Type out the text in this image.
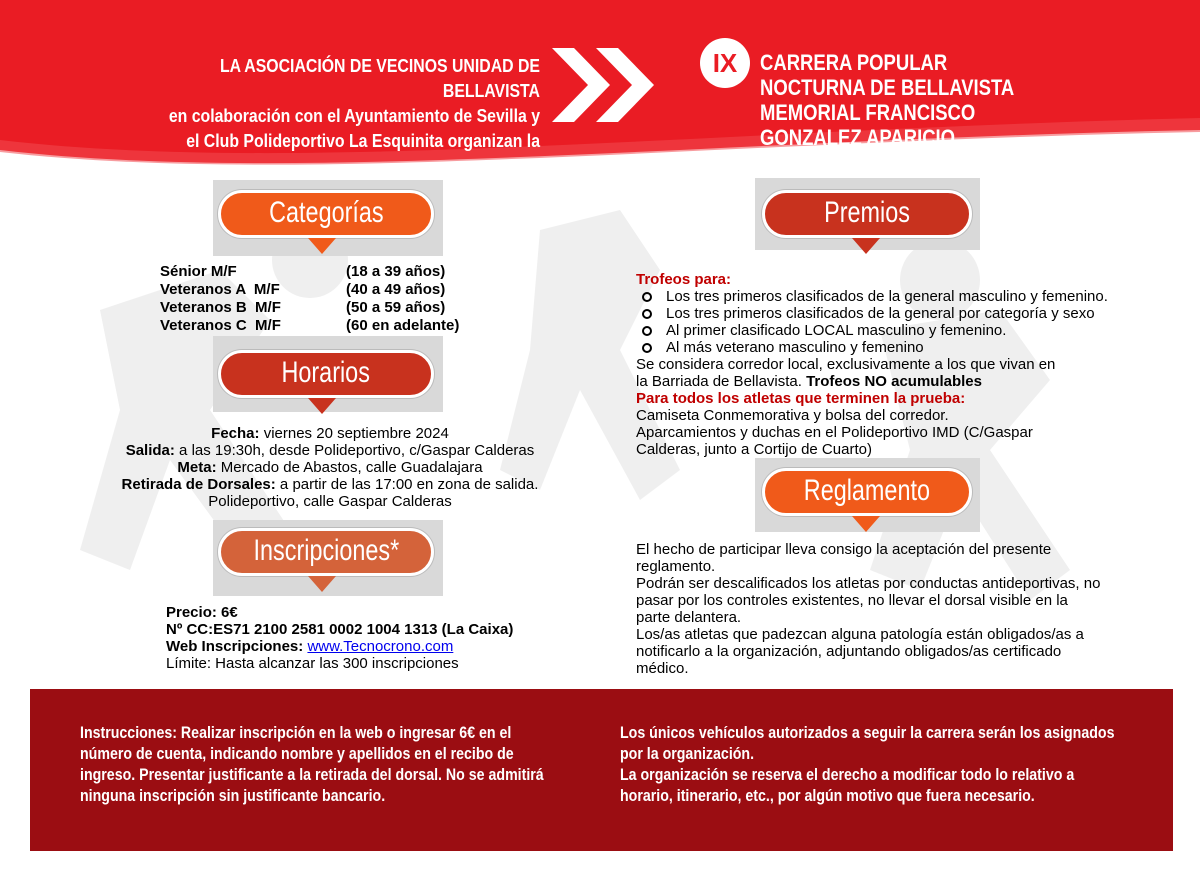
LA ASOCIACIÓN DE VECINOS UNIDAD DE BELLAVISTA
en colaboración con el Ayuntamiento de Sevilla y
el Club Polideportivo La Esquinita organizan la
IX	CARRERA POPULAR
NOCTURNA DE BELLAVISTA
MEMORIAL FRANCISCO
GONZALEZ APARICIO ‘PAQUILLO’
Categorías
Sénior M/F	(18 a 39 años)
Veteranos A  M/F	(40 a 49 años)
Veteranos B  M/F	(50 a 59 años)
Veteranos C  M/F	(60 en adelante)
Horarios
Fecha: viernes 20 septiembre 2024
Salida: a las 19:30h, desde Polideportivo, c/Gaspar Calderas
Meta: Mercado de Abastos, calle Guadalajara
Retirada de Dorsales: a partir de las 17:00 en zona de salida.
Polideportivo, calle Gaspar Calderas
Inscripciones*
Precio: 6€
Nº CC:ES71 2100 2581 0002 1004 1313 (La Caixa)
Web Inscripciones: www.Tecnocrono.com
Límite: Hasta alcanzar las 300 inscripciones
Premios
Trofeos para:
Los tres primeros clasificados de la general masculino y femenino.
Los tres primeros clasificados de la general por categoría y sexo
Al primer clasificado LOCAL masculino y femenino.
Al más veterano masculino y femenino
Se considera corredor local, exclusivamente a los que vivan en
la Barriada de Bellavista. Trofeos NO acumulables
Para todos los atletas que terminen la prueba:
Camiseta Conmemorativa y bolsa del corredor.
Aparcamientos y duchas en el Polideportivo IMD (C/Gaspar
Calderas, junto a Cortijo de Cuarto)
Reglamento
El hecho de participar lleva consigo la aceptación del presente
reglamento.
Podrán ser descalificados los atletas por conductas antideportivas, no
pasar por los controles existentes, no llevar el dorsal visible en la
parte delantera.
Los/as atletas que padezcan alguna patología están obligados/as a
notificarlo a la organización, adjuntando obligados/as certificado
médico.
Instrucciones: Realizar inscripción en la web o ingresar 6€ en el
número de cuenta, indicando nombre y apellidos en el recibo de
ingreso. Presentar justificante a la retirada del dorsal. No se admitirá
ninguna inscripción sin justificante bancario.
Los únicos vehículos autorizados a seguir la carrera serán los asignados
por la organización.
La organización se reserva el derecho a modificar todo lo relativo a
horario, itinerario, etc., por algún motivo que fuera necesario.
